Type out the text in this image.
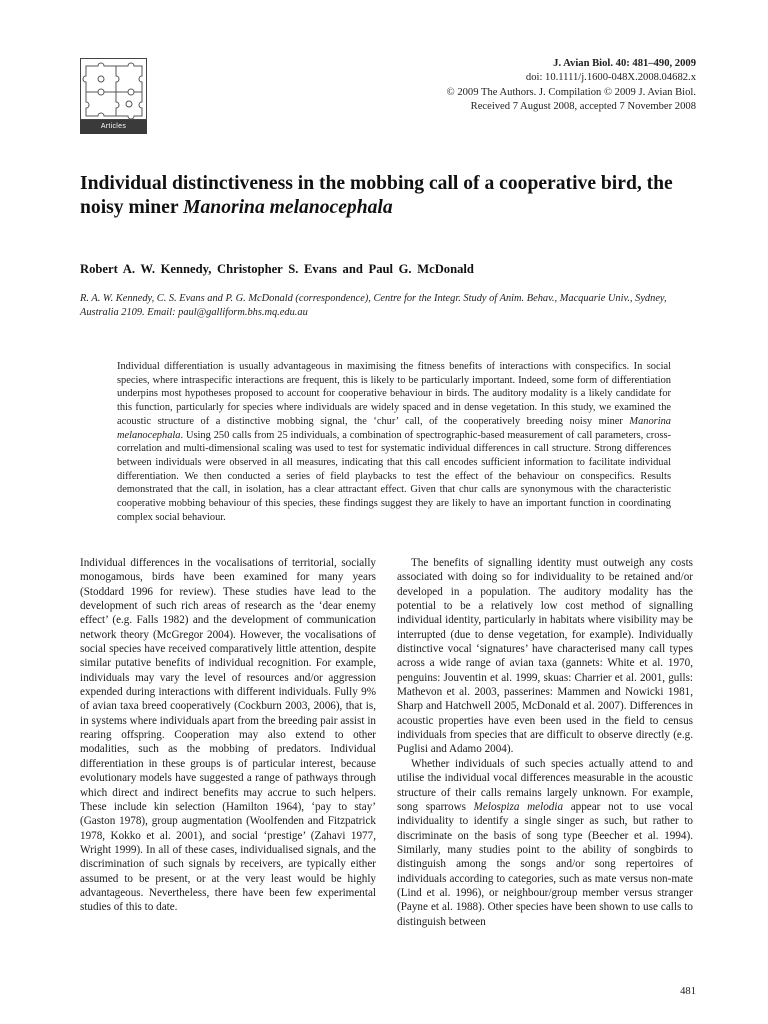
Articles
J. Avian Biol. 40: 481–490, 2009
doi: 10.1111/j.1600-048X.2008.04682.x
© 2009 The Authors. J. Compilation © 2009 J. Avian Biol.
Received 7 August 2008, accepted 7 November 2008
Individual distinctiveness in the mobbing call of a cooperative bird, the noisy miner Manorina melanocephala
Robert A. W. Kennedy, Christopher S. Evans and Paul G. McDonald
R. A. W. Kennedy, C. S. Evans and P. G. McDonald (correspondence), Centre for the Integr. Study of Anim. Behav., Macquarie Univ., Sydney, Australia 2109. Email: paul@galliform.bhs.mq.edu.au
Individual differentiation is usually advantageous in maximising the fitness benefits of interactions with conspecifics. In social species, where intraspecific interactions are frequent, this is likely to be particularly important. Indeed, some form of differentiation underpins most hypotheses proposed to account for cooperative behaviour in birds. The auditory modality is a likely candidate for this function, particularly for species where individuals are widely spaced and in dense vegetation. In this study, we examined the acoustic structure of a distinctive mobbing signal, the ‘chur’ call, of the cooperatively breeding noisy miner Manorina melanocephala. Using 250 calls from 25 individuals, a combination of spectrographic-based measurement of call parameters, cross-correlation and multi-dimensional scaling was used to test for systematic individual differences in call structure. Strong differences between individuals were observed in all measures, indicating that this call encodes sufficient information to facilitate individual differentiation. We then conducted a series of field playbacks to test the effect of the behaviour on conspecifics. Results demonstrated that the call, in isolation, has a clear attractant effect. Given that chur calls are synonymous with the characteristic cooperative mobbing behaviour of this species, these findings suggest they are likely to have an important function in coordinating complex social behaviour.

Individual differences in the vocalisations of territorial, socially monogamous, birds have been examined for many years (Stoddard 1996 for review). These studies have lead to the development of such rich areas of research as the ‘dear enemy effect’ (e.g. Falls 1982) and the development of communication network theory (McGregor 2004). However, the vocalisations of social species have received comparatively little attention, despite similar putative benefits of individual recognition. For example, individuals may vary the level of resources and/or aggression expended during interactions with different individuals. Fully 9% of avian taxa breed cooperatively (Cockburn 2003, 2006), that is, in systems where individuals apart from the breeding pair assist in rearing offspring. Cooperation may also extend to other modalities, such as the mobbing of predators. Individual differentiation in these groups is of particular interest, because evolutionary models have suggested a range of pathways through which direct and indirect benefits may accrue to such helpers. These include kin selection (Hamilton 1964), ‘pay to stay’ (Gaston 1978), group augmentation (Woolfenden and Fitzpatrick 1978, Kokko et al. 2001), and social ‘prestige’ (Zahavi 1977, Wright 1999). In all of these cases, individualised signals, and the discrimination of such signals by receivers, are typically either assumed to be present, or at the very least would be highly advantageous. Nevertheless, there have been few experimental studies of this to date.

The benefits of signalling identity must outweigh any costs associated with doing so for individuality to be retained and/or developed in a population. The auditory modality has the potential to be a relatively low cost method of signalling individual identity, particularly in habitats where visibility may be interrupted (due to dense vegetation, for example). Individually distinctive vocal ‘signatures’ have characterised many call types across a wide range of avian taxa (gannets: White et al. 1970, penguins: Jouventin et al. 1999, skuas: Charrier et al. 2001, gulls: Mathevon et al. 2003, passerines: Mammen and Nowicki 1981, Sharp and Hatchwell 2005, McDonald et al. 2007). Differences in acoustic properties have even been used in the field to census individuals from species that are difficult to observe directly (e.g. Puglisi and Adamo 2004).

Whether individuals of such species actually attend to and utilise the individual vocal differences measurable in the acoustic structure of their calls remains largely unknown. For example, song sparrows Melospiza melodia appear not to use vocal individuality to identify a single singer as such, but rather to discriminate on the basis of song type (Beecher et al. 1994). Similarly, many studies point to the ability of songbirds to distinguish among the songs and/or song repertoires of individuals according to categories, such as mate versus non-mate (Lind et al. 1996), or neighbour/group member versus stranger (Payne et al. 1988). Other species have been shown to use calls to distinguish between

481
